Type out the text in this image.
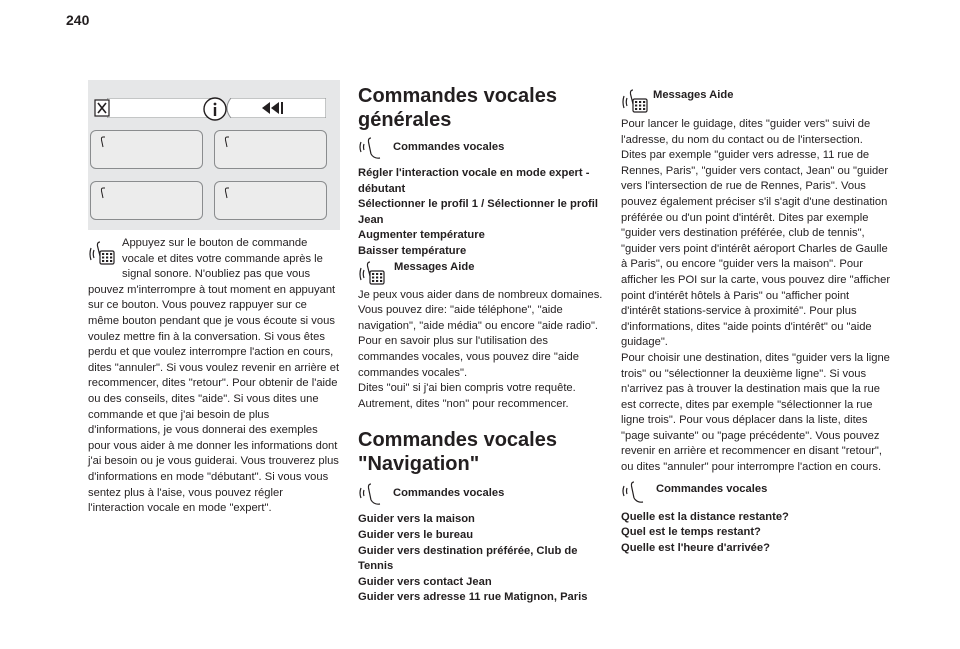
240

Appuyez sur le bouton de commande vocale et dites votre commande après le signal sonore. N'oubliez pas que vous pouvez m'interrompre à tout moment en appuyant sur ce bouton. Vous pouvez rappuyer sur ce même bouton pendant que je vous écoute si vous voulez mettre fin à la conversation. Si vous êtes perdu et que voulez interrompre l'action en cours, dites "annuler". Si vous voulez revenir en arrière et recommencer, dites "retour". Pour obtenir de l'aide ou des conseils, dites "aide". Si vous dites une commande et que j'ai besoin de plus d'informations, je vous donnerai des exemples pour vous aider à me donner les informations dont j'ai besoin ou je vous guiderai. Vous trouverez plus d'informations en mode "débutant". Si vous vous sentez plus à l'aise, vous pouvez régler l'interaction vocale en mode "expert".

Commandes vocales
générales
Commandes vocales
Régler l'interaction vocale en mode expert - débutant
Sélectionner le profil 1 / Sélectionner le profil Jean
Augmenter température
Baisser température
Messages Aide

Je peux vous aider dans de nombreux domaines. Vous pouvez dire: "aide téléphone", "aide navigation", "aide média" ou encore "aide radio". Pour en savoir plus sur l'utilisation des commandes vocales, vous pouvez dire "aide commandes vocales".
Dites "oui" si j'ai bien compris votre requête. Autrement, dites "non" pour recommencer.

Commandes vocales
"Navigation"
Commandes vocales
Guider vers la maison
Guider vers le bureau
Guider vers destination préférée, Club de Tennis
Guider vers contact Jean
Guider vers adresse 11 rue Matignon, Paris
Messages Aide

Pour lancer le guidage, dites "guider vers" suivi de l'adresse, du nom du contact ou de l'intersection. Dites par exemple "guider vers adresse, 11 rue de Rennes, Paris", "guider vers contact, Jean" ou "guider vers l'intersection de rue de Rennes, Paris". Vous pouvez également préciser s'il s'agit d'une destination préférée ou d'un point d'intérêt. Dites par exemple "guider vers destination préférée, club de tennis", "guider vers point d'intérêt aéroport Charles de Gaulle à Paris", ou encore "guider vers la maison". Pour afficher les POI sur la carte, vous pouvez dire "afficher point d'intérêt hôtels à Paris" ou "afficher point d'intérêt stations-service à proximité". Pour plus d'informations, dites "aide points d'intérêt" ou "aide guidage".
Pour choisir une destination, dites "guider vers la ligne trois" ou "sélectionner la deuxième ligne". Si vous n'arrivez pas à trouver la destination mais que la rue est correcte, dites par exemple "sélectionner la rue ligne trois". Pour vous déplacer dans la liste, dites "page suivante" ou "page précédente". Vous pouvez revenir en arrière et recommencer en disant "retour", ou dites "annuler" pour interrompre l'action en cours.

Commandes vocales
Quelle est la distance restante?
Quel est le temps restant?
Quelle est l'heure d'arrivée?
